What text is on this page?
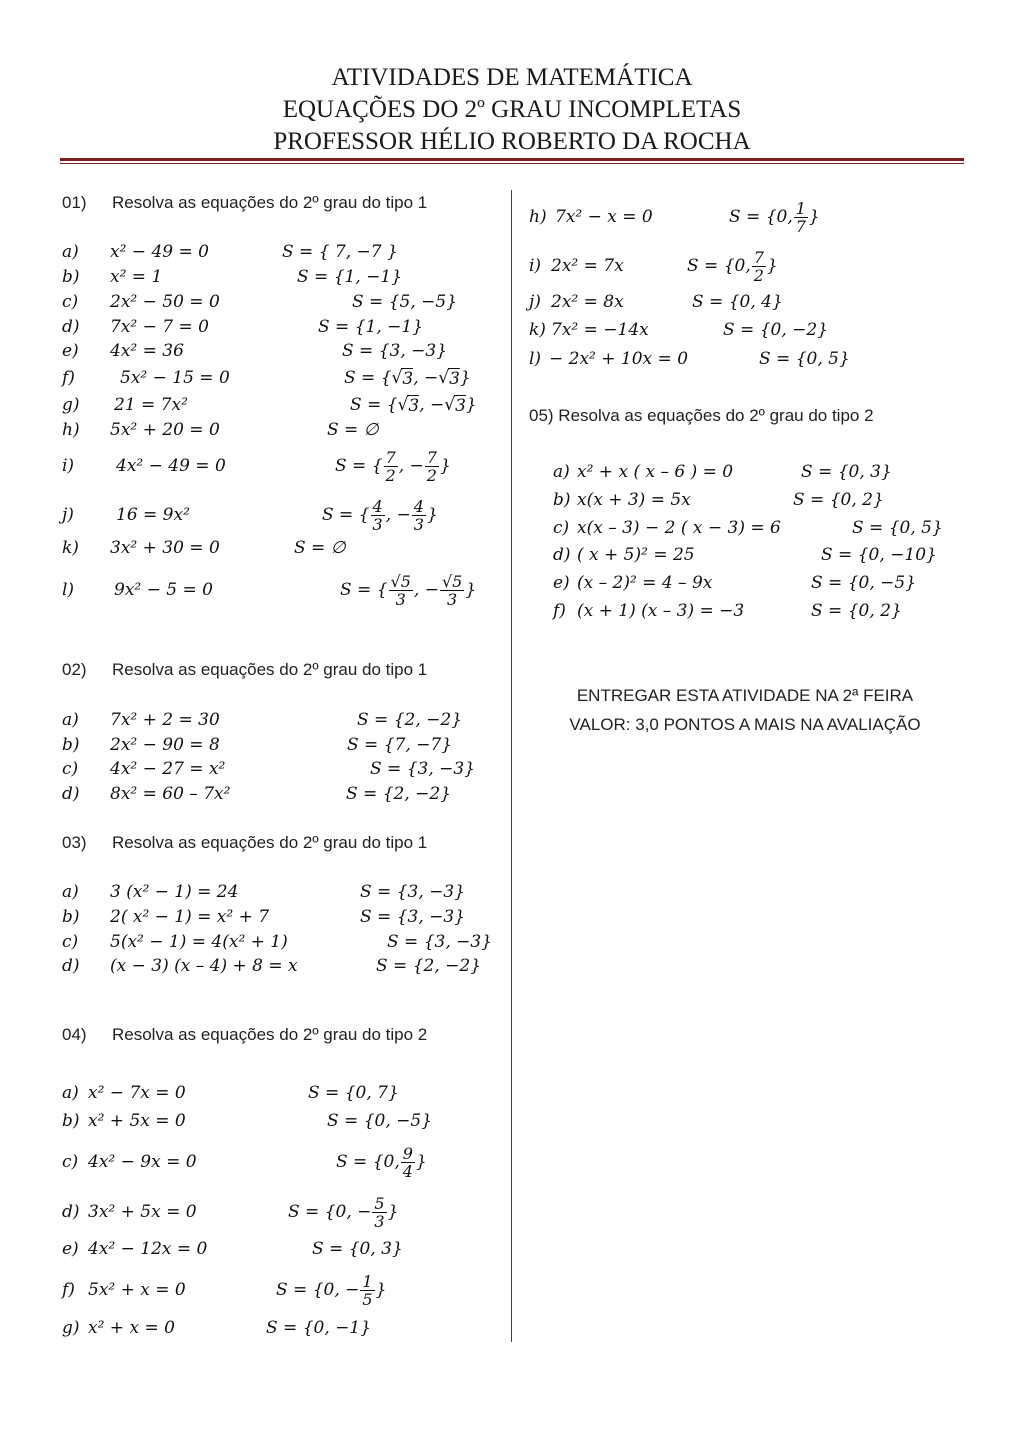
ATIVIDADES DE MATEMÁTICA
EQUAÇÕES DO 2º GRAU INCOMPLETAS
PROFESSOR HÉLIO ROBERTO DA ROCHA
01) Resolva as equações do 2º grau do tipo 1
a)	x² − 49 = 0	S = { 7, −7 }
b)	x² = 1	S = {1, −1}
c)	2x² − 50 = 0	S = {5, −5}
d)	7x² − 7 = 0	S = {1, −1}
e)	4x² = 36	S = {3, −3}
f)	5x² − 15 = 0	S = {√ 3 , −√ 3 }
g)	21 = 7x²	S = {√ 3 , −√ 3 }
h)	5x² + 20 = 0	S = ∅
i)	4x² − 49 = 0	S = { $\frac{7}{2}$ , − $\frac{7}{2}$ }
j)	16 = 9x²	S = { $\frac{4}{3}$ , − $\frac{4}{3}$ }
k)	3x² + 30 = 0	S = ∅
l)	9x² − 5 = 0	S = { $\frac{√5}{3}$ , − $\frac{√5}{3}$ }
02) Resolva as equações do 2º grau do tipo 1
a)	7x² + 2 = 30	S = {2, −2}
b)	2x² − 90 = 8	S = {7, −7}
c)	4x² − 27 = x²	S = {3, −3}
d)	8x² = 60 – 7x²	S = {2, −2}
03) Resolva as equações do 2º grau do tipo 1
a)	3 (x² − 1) = 24	S = {3, −3}
b)	2( x² − 1) = x² + 7	S = {3, −3}
c)	5(x² − 1) = 4(x² + 1)	S = {3, −3}
d)	(x − 3) (x – 4) + 8 = x	S = {2, −2}
04) Resolva as equações do 2º grau do tipo 2
a) x² − 7x = 0	S = {0, 7}
b) x² + 5x = 0	S = {0, −5}
c) 4x² − 9x = 0	S = {0, $\frac{9}{4}$ }
d) 3x² + 5x = 0	S = {0, − $\frac{5}{3}$ }
e) 4x² − 12x = 0	S = {0, 3}
f) 5x² + x = 0	S = {0, − $\frac{1}{5}$ }
g) x² + x = 0	S = {0, −1}
h) 7x² − x = 0	S = {0, $\frac{1}{7}$ }
i) 2x² = 7x	S = {0, $\frac{7}{2}$ }
j) 2x² = 8x	S = {0, 4}
k) 7x² = −14x	S = {0, −2}
l) − 2x² + 10x = 0	S = {0, 5}
05) Resolva as equações do 2º grau do tipo 2
a) x² + x ( x – 6 ) = 0	S = {0, 3}
b) x(x + 3) = 5x	S = {0, 2}
c) x(x – 3) − 2 ( x − 3) = 6	S = {0, 5}
d) ( x + 5)² = 25	S = {0, −10}
e) (x – 2)² = 4 – 9x	S = {0, −5}
f) (x + 1) (x – 3) = −3	S = {0, 2}
ENTREGAR ESTA ATIVIDADE NA 2ª FEIRA
VALOR: 3,0 PONTOS A MAIS NA AVALIAÇÃO
